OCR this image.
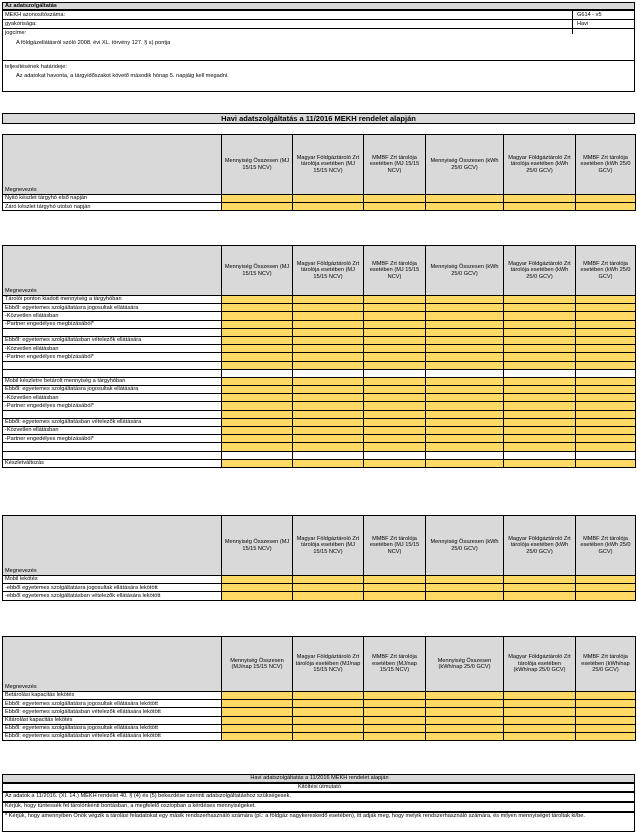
Az adatszolgáltatás
MEKH azonosítószáma:	G614 - v5
gyakorisága:	Havi
jogcíme:
A földgázellátásról szóló 2008. évi XL. törvény 127. § s) pontja
teljesítésének határideje:
Az adatokat havonta, a tárgyidőszakot követő második hónap 5. napjáig kell megadni.
Havi adatszolgáltatás a 11/2016 MEKH rendelet alapján
Megnevezés	Mennyiség Összesen (MJ 15/15 NCV)	Magyar Földgáztároló Zrt tárolója esetében (MJ 15/15 NCV)	MMBF Zrt tárolója esetében (MJ 15/15 NCV)	Mennyiség Összesen (kWh 25/0 GCV)	Magyar Földgáztároló Zrt tárolója esetében (kWh 25/0 GCV)	MMBF Zrt tárolója esetében (kWh 25/0 GCV)
Nyitó készlet tárgyhó első napján						
Záró készlet tárgyhó utolsó napján						
Megnevezés	Mennyiség Összesen (MJ 15/15 NCV)	Magyar Földgáztároló Zrt tárolója esetében (MJ 15/15 NCV)	MMBF Zrt tárolója esetében (MJ 15/15 NCV)	Mennyiség Összesen (kWh 25/0 GCV)	Magyar Földgáztároló Zrt tárolója esetében (kWh 25/0 GCV)	MMBF Zrt tárolója esetében (kWh 25/0 GCV)
Tárolói ponton kiadott mennyiség a tárgyhóban						
Ebből: egyetemes szolgáltatásra jogosultak ellátására						
-Közvetlen ellátásban						
-Partner engedélyes megbízásából*						

Ebből: egyetemes szolgáltatásban vételezők ellátására						
-Közvetlen ellátásban						
-Partner engedélyes megbízásából*						

Mobil készletre betárolt mennyiség a tárgyhóban						
Ebből: egyetemes szolgáltatásra jogosultak ellátására						
-Közvetlen ellátásban						
-Partner engedélyes megbízásából*						

Ebből: egyetemes szolgáltatásban vételezők ellátására						
-Közvetlen ellátásban						
-Partner engedélyes megbízásából*						

Készletváltozás						
Megnevezés	Mennyiség Összesen (MJ 15/15 NCV)	Magyar Földgáztároló Zrt tárolója esetében (MJ 15/15 NCV)	MMBF Zrt tárolója esetében (MJ 15/15 NCV)	Mennyiség Összesen (kWh 25/0 GCV)	Magyar Földgáztároló Zrt tárolója esetében (kWh 25/0 GCV)	MMBF Zrt tárolója esetében (kWh 25/0 GCV)
Mobil lekötés						
-ebből egyetemes szolgáltatásra jogosultak ellátására lekötött						
-ebből egyetemes szolgáltatásban vételezők ellátására lekötött						
Megnevezés	Mennyiség Összesen (MJ/nap 15/15 NCV)	Magyar Földgáztároló Zrt tárolója esetében (MJ/nap 15/15 NCV)	MMBF Zrt tárolója esetében (MJ/nap 15/15 NCV)	Mennyiség Összesen (kWh/nap 25/0 GCV)	Magyar Földgáztároló Zrt tárolója esetében (kWh/nap 25/0 GCV)	MMBF Zrt tárolója esetében (kWh/nap 25/0 GCV)
Betárolási kapacitás lekötés						
Ebből: egyetemes szolgáltatásra jogosultak ellátására lekötött						
Ebből: egyetemes szolgáltatásban vételezők ellátására lekötött						
Kitárolási kapacitás lekötés						
Ebből: egyetemes szolgáltatásra jogosultak ellátására lekötött						
Ebből: egyetemes szolgáltatásban vételezők ellátására lekötött						
Havi adatszolgáltatás a 11/2016 MEKH rendelet alapján
Kitöltési útmutató
Az adatok a 11/2016. (XI. 14.) MEKH rendelet 40. § (4) és (5) bekezdése szerinti adatszolgáltatáshoz szükségesek.
Kérjük, hogy tüntessék fel tárolónkénti bontásban, a megfelelő oszlopban a kérdéses mennyiségeket.
* Kérjük, hogy amennyiben Önök végzik a tárolási feladatokat egy másik rendszerhasználó számára (pl.: a földgáz nagykereskedő esetében), itt adják meg, hogy melyik rendszerhasználó számára, és milyen mennyiséget tároltak ki/be.
